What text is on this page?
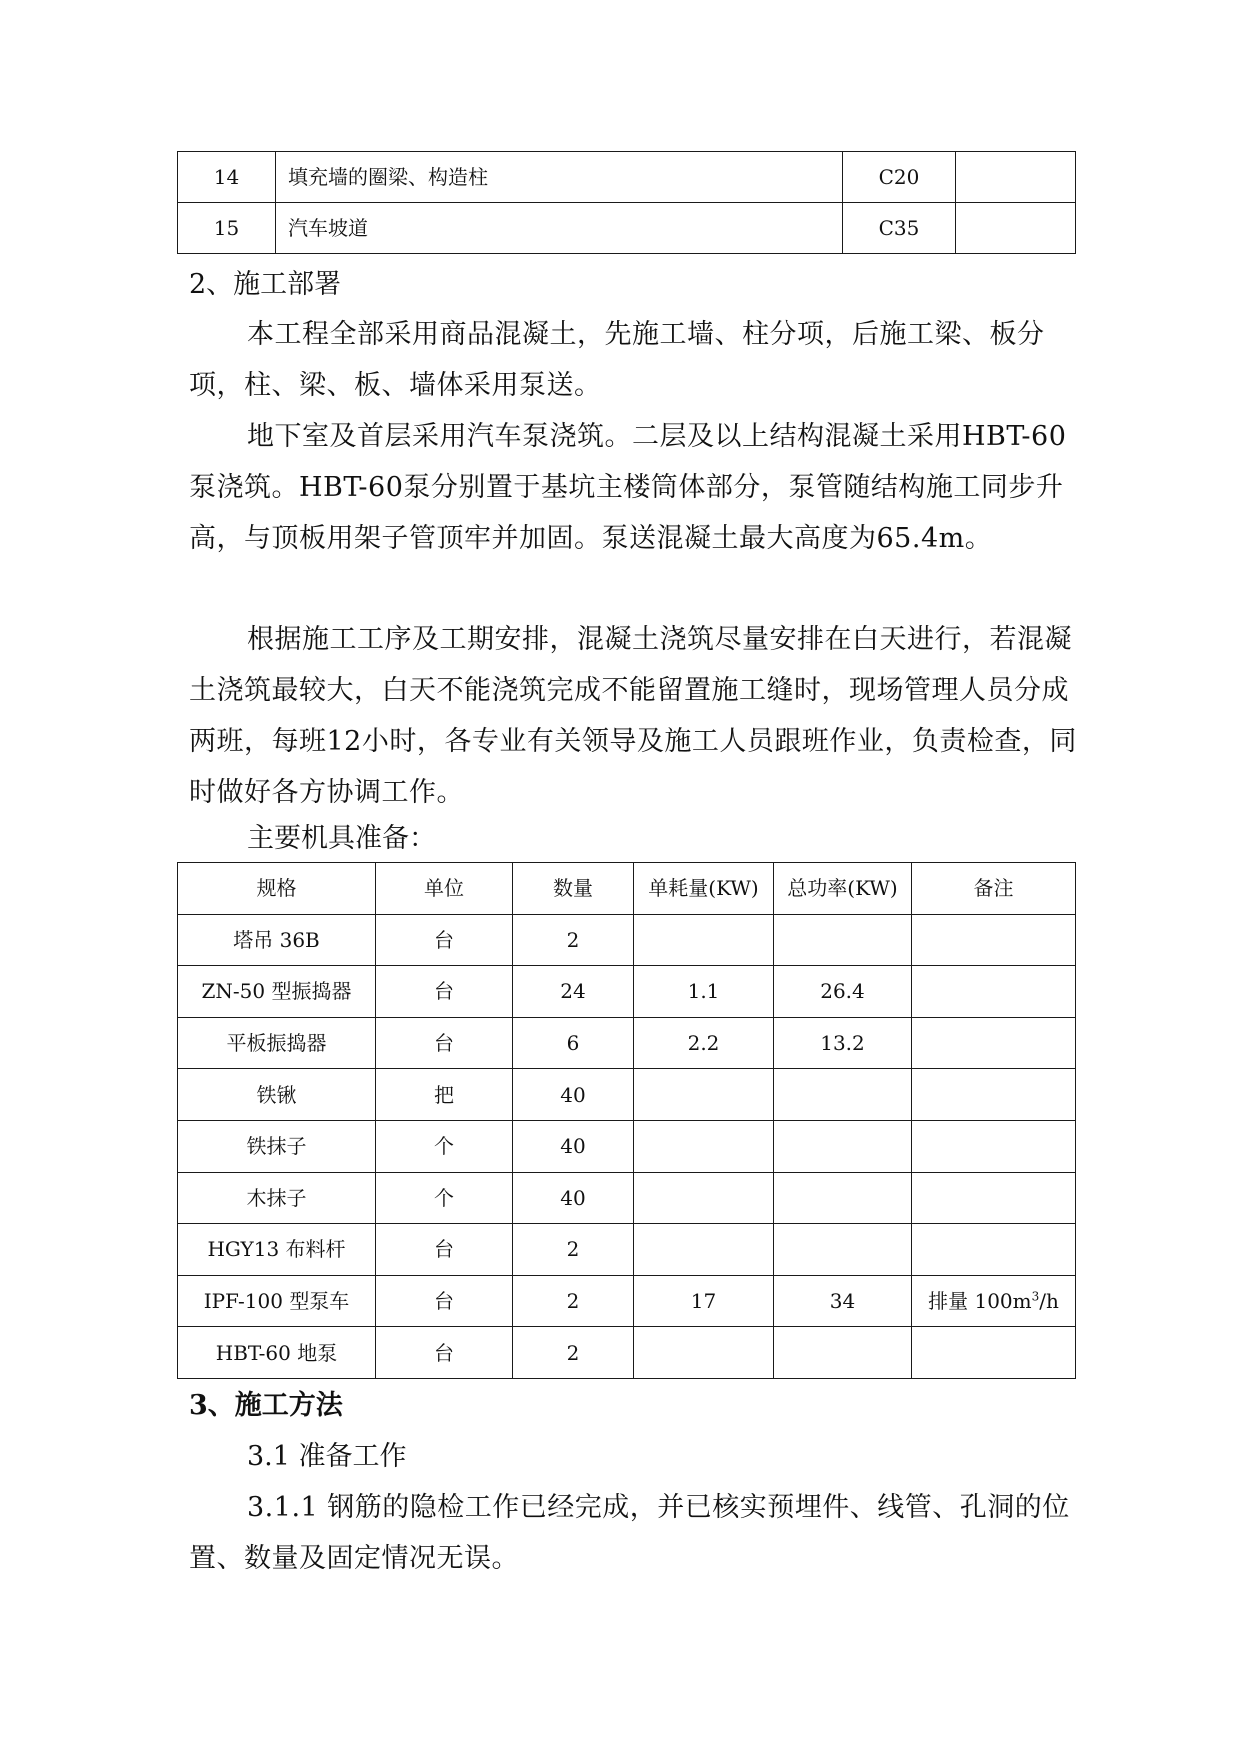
14	填充墙的圈梁、构造柱	C20	
15	汽车坡道	C35	

2、施工部署

本工程全部采用商品混凝土，先施工墙、柱分项，后施工梁、板分项，柱、梁、板、墙体采用泵送。

地下室及首层采用汽车泵浇筑。二层及以上结构混凝土采用HBT-60泵浇筑。HBT-60泵分别置于基坑主楼筒体部分，泵管随结构施工同步升高，与顶板用架子管顶牢并加固。泵送混凝土最大高度为65.4m。

根据施工工序及工期安排，混凝土浇筑尽量安排在白天进行，若混凝土浇筑最较大，白天不能浇筑完成不能留置施工缝时，现场管理人员分成两班，每班12小时，各专业有关领导及施工人员跟班作业，负责检查，同时做好各方协调工作。

主要机具准备：

规格	单位	数量	单耗量(KW)	总功率(KW)	备注
塔吊 36B	台	2			
ZN-50 型振捣器	台	24	1.1	26.4	
平板振捣器	台	6	2.2	13.2	
铁锹	把	40			
铁抹子	个	40			
木抹子	个	40			
HGY13 布料杆	台	2			
IPF-100 型泵车	台	2	17	34	排量 $100m^3/h$
HBT-60 地泵	台	2			

3、施工方法

3.1 准备工作

3.1.1 钢筋的隐检工作已经完成，并已核实预埋件、线管、孔洞的位置、数量及固定情况无误。
